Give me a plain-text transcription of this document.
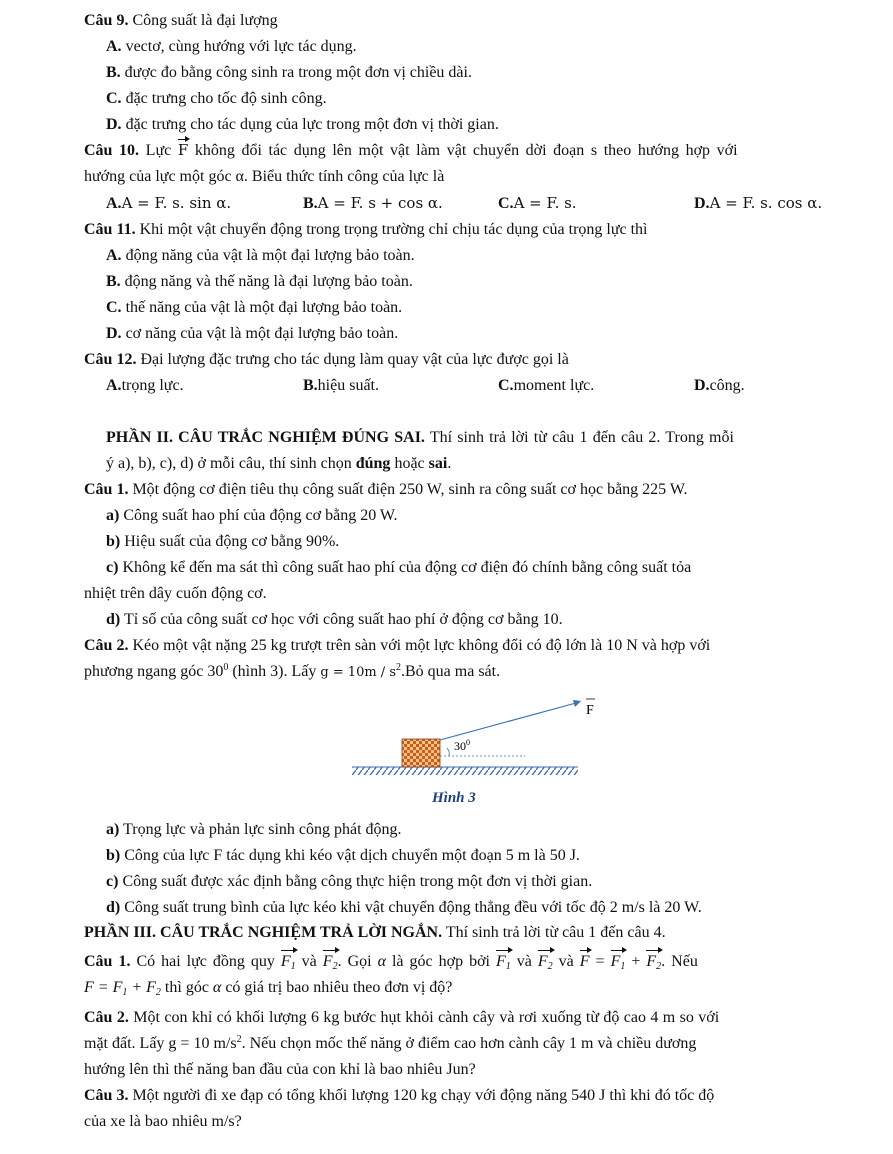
Câu 9. Công suất là đại lượng
A. vectơ, cùng hướng với lực tác dụng.
B. được đo bằng công sinh ra trong một đơn vị chiều dài.
C. đặc trưng cho tốc độ sinh công.
D. đặc trưng cho tác dụng của lực trong một đơn vị thời gian.
Câu 10. Lực F không đổi tác dụng lên một vật làm vật chuyển dời đoạn s theo hướng hợp với
hướng của lực một góc α. Biểu thức tính công của lực là
A. A = F. s. sin α.	B. A = F. s + cos α.	C. A = F. s.	D. A = F. s. cos α.
Câu 11. Khi một vật chuyển động trong trọng trường chỉ chịu tác dụng của trọng lực thì
A. động năng của vật là một đại lượng bảo toàn.
B. động năng và thế năng là đại lượng bảo toàn.
C. thế năng của vật là một đại lượng bảo toàn.
D. cơ năng của vật là một đại lượng bảo toàn.
Câu 12. Đại lượng đặc trưng cho tác dụng làm quay vật của lực được gọi là
A. trọng lực.	B. hiệu suất.	C. moment lực.	D. công.
PHẦN II. CÂU TRẮC NGHIỆM ĐÚNG SAI. Thí sinh trả lời từ câu 1 đến câu 2. Trong mỗi
ý a), b), c), d) ở mỗi câu, thí sinh chọn đúng hoặc sai.
Câu 1. Một động cơ điện tiêu thụ công suất điện 250 W, sinh ra công suất cơ học bằng 225 W.
a) Công suất hao phí của động cơ bằng 20 W.
b) Hiệu suất của động cơ bằng 90%.
c) Không kể đến ma sát thì công suất hao phí của động cơ điện đó chính bằng công suất tỏa
nhiệt trên dây cuốn động cơ.
d) Tỉ số của công suất cơ học với công suất hao phí ở động cơ bằng 10.
Câu 2. Kéo một vật nặng 25 kg trượt trên sàn với một lực không đổi có độ lớn là 10 N và hợp với
phương ngang góc $30^0$ (hình 3). Lấy $g = 10m / s^2.Bỏ$ qua ma sát.
$30^0$
F
Hình 3
a) Trọng lực và phản lực sinh công phát động.
b) Công của lực F tác dụng khi kéo vật dịch chuyển một đoạn 5 m là 50 J.
c) Công suất được xác định bằng công thực hiện trong một đơn vị thời gian.
d) Công suất trung bình của lực kéo khi vật chuyển động thẳng đều với tốc độ 2 m/s là 20 W.
PHẦN III. CÂU TRẮC NGHIỆM TRẢ LỜI NGẮN. Thí sinh trả lời từ câu 1 đến câu 4.
Câu 1. Có hai lực đồng quy $F_1$ và $F_2$. Gọi α là góc hợp bởi $F_1$ và $F_2$ và $F = F_1 + F_2$. Nếu
$F = F_1 + F_2$ thì góc α có giá trị bao nhiêu theo đơn vị độ?
Câu 2. Một con khỉ có khối lượng 6 kg bước hụt khỏi cành cây và rơi xuống từ độ cao 4 m so với
mặt đất. Lấy g = 10 $m/s^2$. Nếu chọn mốc thế năng ở điểm cao hơn cành cây 1 m và chiều dương
hướng lên thì thế năng ban đầu của con khỉ là bao nhiêu Jun?
Câu 3. Một người đi xe đạp có tổng khối lượng 120 kg chạy với động năng 540 J thì khi đó tốc độ
của xe là bao nhiêu m/s?
